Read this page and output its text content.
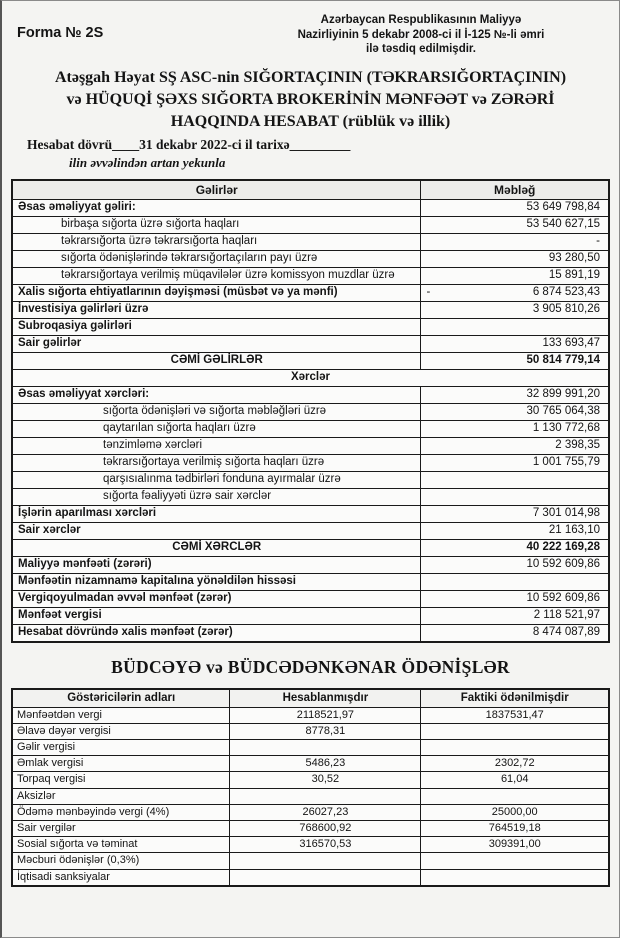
Forma № 2S
Azərbaycan Respublikasının Maliyyə
Nazirliyinin 5 dekabr 2008-ci il İ-125 №-li əmri
ilə təsdiq edilmişdir.
Atəşgah Həyat SŞ ASC-nin SIĞORTAÇININ (TƏKRARSIĞORTAÇININ)
və HÜQUQİ ŞƏXS SIĞORTA BROKERİNİN MƏNFƏƏT və ZƏRƏRİ
HAQQINDA HESABAT (rüblük və illik)
Hesabat dövrü____31 dekabr 2022-ci il tarixə_________
ilin əvvəlindən artan yekunla
Gəlirlər	Məbləğ
Əsas əməliyyat gəliri:	53 649 798,84
birbaşa sığorta üzrə sığorta haqları	53 540 627,15
təkrarsığorta üzrə təkrarsığorta haqları	-
sığorta ödənişlərində təkrarsığortaçıların payı üzrə	93 280,50
təkrarsığortaya verilmiş müqavilələr üzrə komissyon muzdlar üzrə	15 891,19
Xalis sığorta ehtiyatlarının dəyişməsi (müsbət və ya mənfi)	- 6 874 523,43
İnvestisiya gəlirləri üzrə	3 905 810,26
Subroqasiya gəlirləri	
Sair gəlirlər	133 693,47
CƏMİ GƏLİRLƏR	50 814 779,14
Xərclər	
Əsas əməliyyat xərcləri:	32 899 991,20
sığorta ödənişləri və sığorta məbləğləri üzrə	30 765 064,38
qaytarılan sığorta haqları üzrə	1 130 772,68
tənzimləmə xərcləri	2 398,35
təkrarsığortaya verilmiş sığorta haqları üzrə	1 001 755,79
qarşısıalınma tədbirləri fonduna ayırmalar üzrə	
sığorta fəaliyyəti üzrə sair xərclər	
İşlərin aparılması xərcləri	7 301 014,98
Sair xərclər	21 163,10
CƏMİ XƏRCLƏR	40 222 169,28
Maliyyə mənfəəti (zərəri)	10 592 609,86
Mənfəətin nizamnamə kapitalına yönəldilən hissəsi	
Vergiqoyulmadan əvvəl mənfəət (zərər)	10 592 609,86
Mənfəət vergisi	2 118 521,97
Hesabat dövründə xalis mənfəət (zərər)	8 474 087,89
BÜDCƏYƏ və BÜDCƏDƏNKƏNAR ÖDƏNİŞLƏR
Göstəricilərin adları	Hesablanmışdır	Faktiki ödənilmişdir
Mənfəətdən vergi	2118521,97	1837531,47
Əlavə dəyər vergisi	8778,31	
Gəlir vergisi		
Əmlak vergisi	5486,23	2302,72
Torpaq vergisi	30,52	61,04
Aksizlər		
Ödəmə mənbəyində vergi (4%)	26027,23	25000,00
Sair vergilər	768600,92	764519,18
Sosial sığorta və təminat	316570,53	309391,00
Məcburi ödənişlər (0,3%)		
İqtisadi sanksiyalar		
